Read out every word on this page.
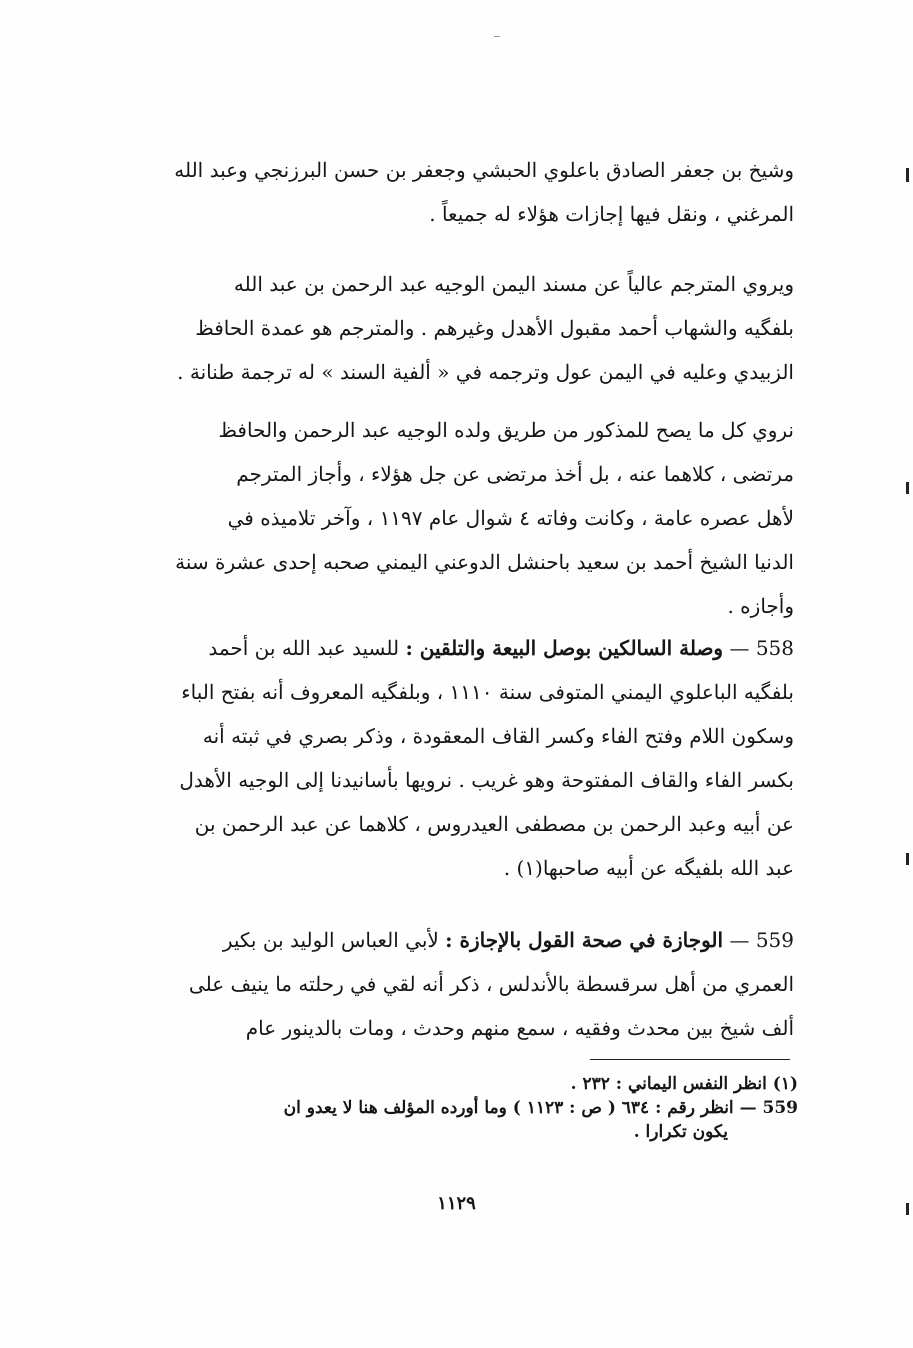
وشيخ بن جعفر الصادق باعلوي الحبشي وجعفر بن حسن البرزنجي وعبد الله
المرغني ، ونقل فيها إجازات هؤلاء له جميعاً .
ويروي المترجم عالياً عن مسند اليمن الوجيه عبد الرحمن بن عبد الله
بلفگيه والشهاب أحمد مقبول الأهدل وغيرهم . والمترجم هو عمدة الحافظ
الزبيدي وعليه في اليمن عول وترجمه في « ألفية السند » له ترجمة طنانة .
نروي كل ما يصح للمذكور من طريق ولده الوجيه عبد الرحمن والحافظ
مرتضى ، كلاهما عنه ، بل أخذ مرتضى عن جل هؤلاء ، وأجاز المترجم
لأهل عصره عامة ، وكانت وفاته ٤ شوال عام ١١٩٧ ، وآخر تلاميذه في
الدنيا الشيخ أحمد بن سعيد باحنشل الدوعني اليمني صحبه إحدى عشرة سنة
وأجازه .
558 — وصلة السالكين بوصل البيعة والتلقين : للسيد عبد الله بن أحمد
بلفگيه الباعلوي اليمني المتوفى سنة ١١١٠ ، وبلفگيه المعروف أنه بفتح الباء
وسكون اللام وفتح الفاء وكسر القاف المعقودة ، وذكر بصري في ثبته أنه
بكسر الفاء والقاف المفتوحة وهو غريب . نرويها بأسانيدنا إلى الوجيه الأهدل
عن أبيه وعبد الرحمن بن مصطفى العيدروس ، كلاهما عن عبد الرحمن بن
عبد الله بلفيگه عن أبيه صاحبها(١) .
559 — الوجازة في صحة القول بالإجازة : لأبي العباس الوليد بن بكير
العمري من أهل سرقسطة بالأندلس ، ذكر أنه لقي في رحلته ما ينيف على
ألف شيخ بين محدث وفقيه ، سمع منهم وحدث ، ومات بالدينور عام
(١) انظر النفس اليماني : ٢٣٢ .
559 — انظر رقم : ٦٣٤ ( ص : ١١٢٣ ) وما أورده المؤلف هنا لا يعدو ان
يكون تكرارا .
١١٢٩
